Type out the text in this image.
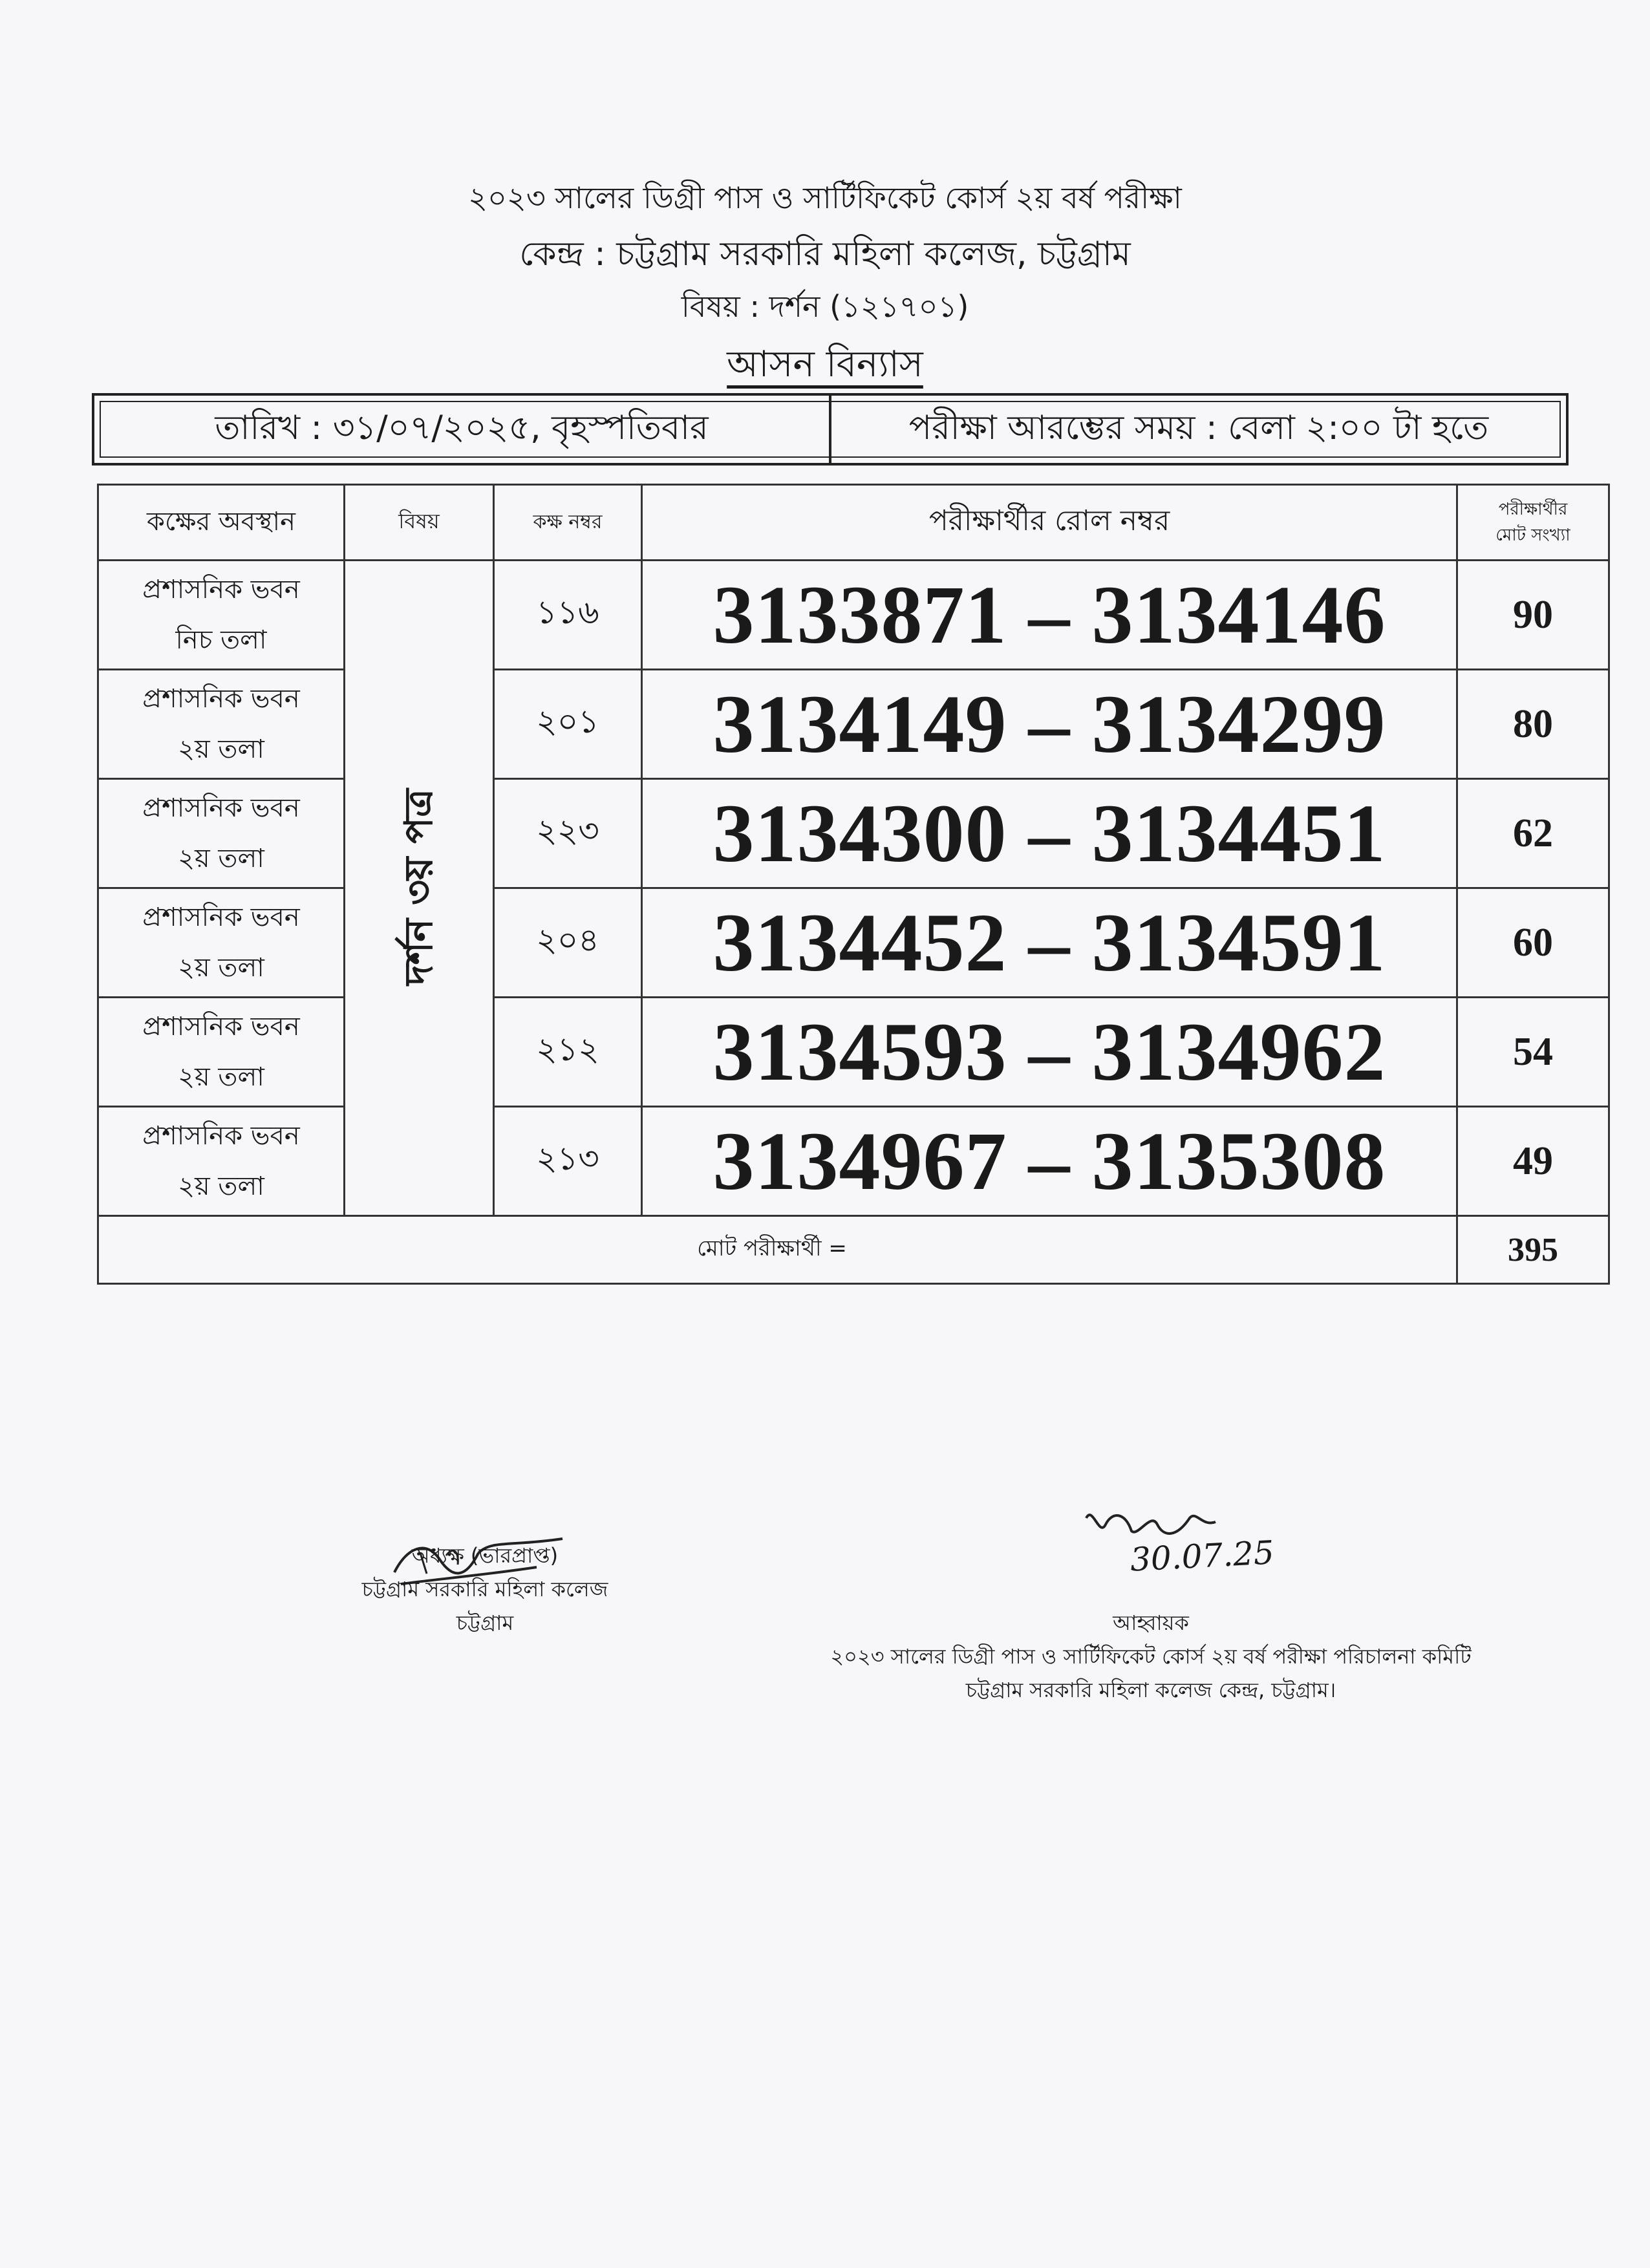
২০২৩ সালের ডিগ্রী পাস ও সার্টিফিকেট কোর্স ২য় বর্ষ পরীক্ষা
কেন্দ্র : চট্টগ্রাম সরকারি মহিলা কলেজ, চট্টগ্রাম
বিষয় : দর্শন (১২১৭০১)
আসন বিন্যাস
তারিখ : ৩১/০৭/২০২৫, বৃহস্পতিবার	পরীক্ষা আরম্ভের সময় : বেলা ২:০০ টা হতে
কক্ষের অবস্থান	বিষয়	কক্ষ নম্বর	পরীক্ষার্থীর রোল নম্বর	পরীক্ষার্থীর
মোট সংখ্যা
প্রশাসনিক ভবন
নিচ তলা	দর্শন ৩য় পত্র	১১৬	3133871 – 3134146	90
প্রশাসনিক ভবন
২য় তলা		২০১	3134149 – 3134299	80
প্রশাসনিক ভবন
২য় তলা		২২৩	3134300 – 3134451	62
প্রশাসনিক ভবন
২য় তলা		২০৪	3134452 – 3134591	60
প্রশাসনিক ভবন
২য় তলা		২১২	3134593 – 3134962	54
প্রশাসনিক ভবন
২য় তলা		২১৩	3134967 – 3135308	49
মোট পরীক্ষার্থী =				395
অধ্যক্ষ (ভারপ্রাপ্ত)
চট্টগ্রাম সরকারি মহিলা কলেজ
চট্টগ্রাম
30.07.25
আহ্বায়ক
২০২৩ সালের ডিগ্রী পাস ও সার্টিফিকেট কোর্স ২য় বর্ষ পরীক্ষা পরিচালনা কমিটি
চট্টগ্রাম সরকারি মহিলা কলেজ কেন্দ্র, চট্টগ্রাম।
